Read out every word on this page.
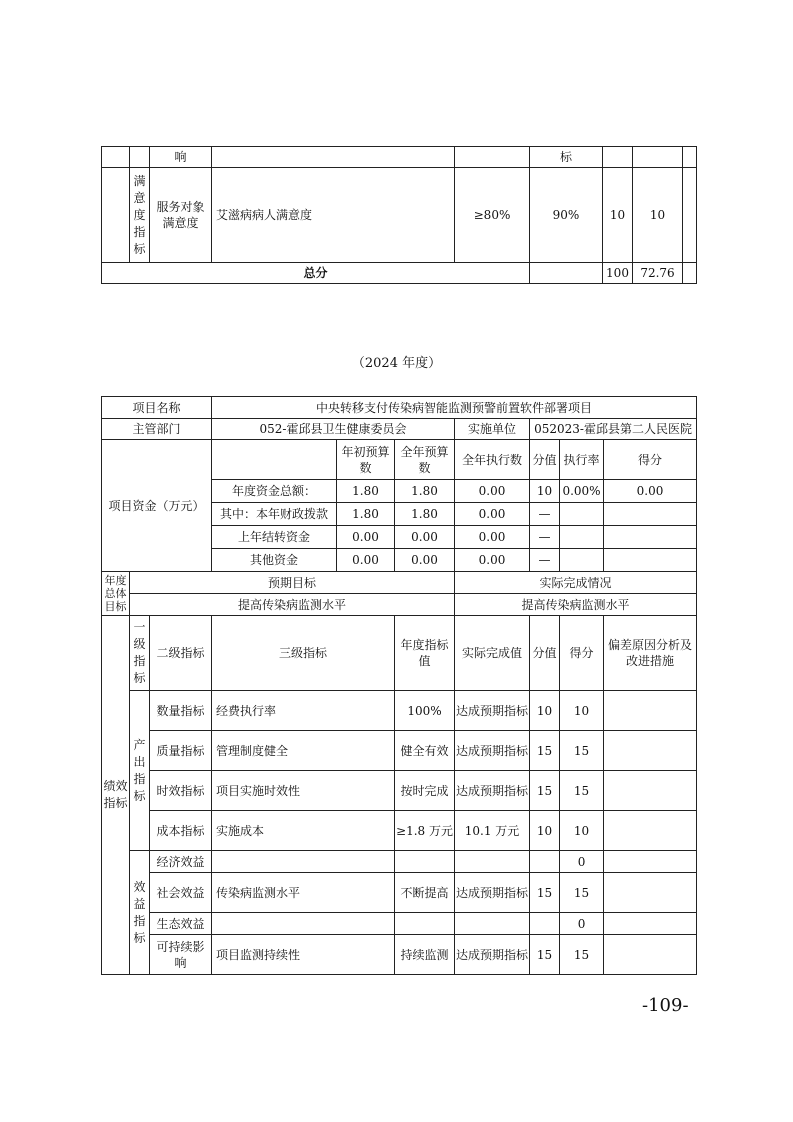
		响			标			
	满意度指标	服务对象满意度	艾滋病病人满意度	≥80%	90%	10	10	
总分						100	72.76	
（2024 年度）
项目名称			中央转移支付传染病智能监测预警前置软件部署项目						
主管部门			052-霍邱县卫生健康委员会			实施单位	052023-霍邱县第二人民医院		
项目资金（万元）				年初预算数	全年预算数	全年执行数	分值	执行率	得分
			年度资金总额：	1.80	1.80	0.00	10	0.00%	0.00
			其中：本年财政拨款	1.80	1.80	0.00	—		
			上年结转资金	0.00	0.00	0.00	—		
			其他资金	0.00	0.00	0.00	—		
年度总体目标	预期目标					实际完成情况			
	提高传染病监测水平					提高传染病监测水平			
绩效指标	一级指标	二级指标	三级指标		年度指标值	实际完成值	分值	得分	偏差原因分析及改进措施
	产出指标	数量指标	经费执行率		100%	达成预期指标	10	10	
		质量指标	管理制度健全		健全有效	达成预期指标	15	15	
		时效指标	项目实施时效性		按时完成	达成预期指标	15	15	
		成本指标	实施成本		≥1.8 万元	10.1 万元	10	10	
	效益指标	经济效益						0	
		社会效益	传染病监测水平		不断提高	达成预期指标	15	15	
		生态效益						0	
		可持续影响	项目监测持续性		持续监测	达成预期指标	15	15	
-109-
